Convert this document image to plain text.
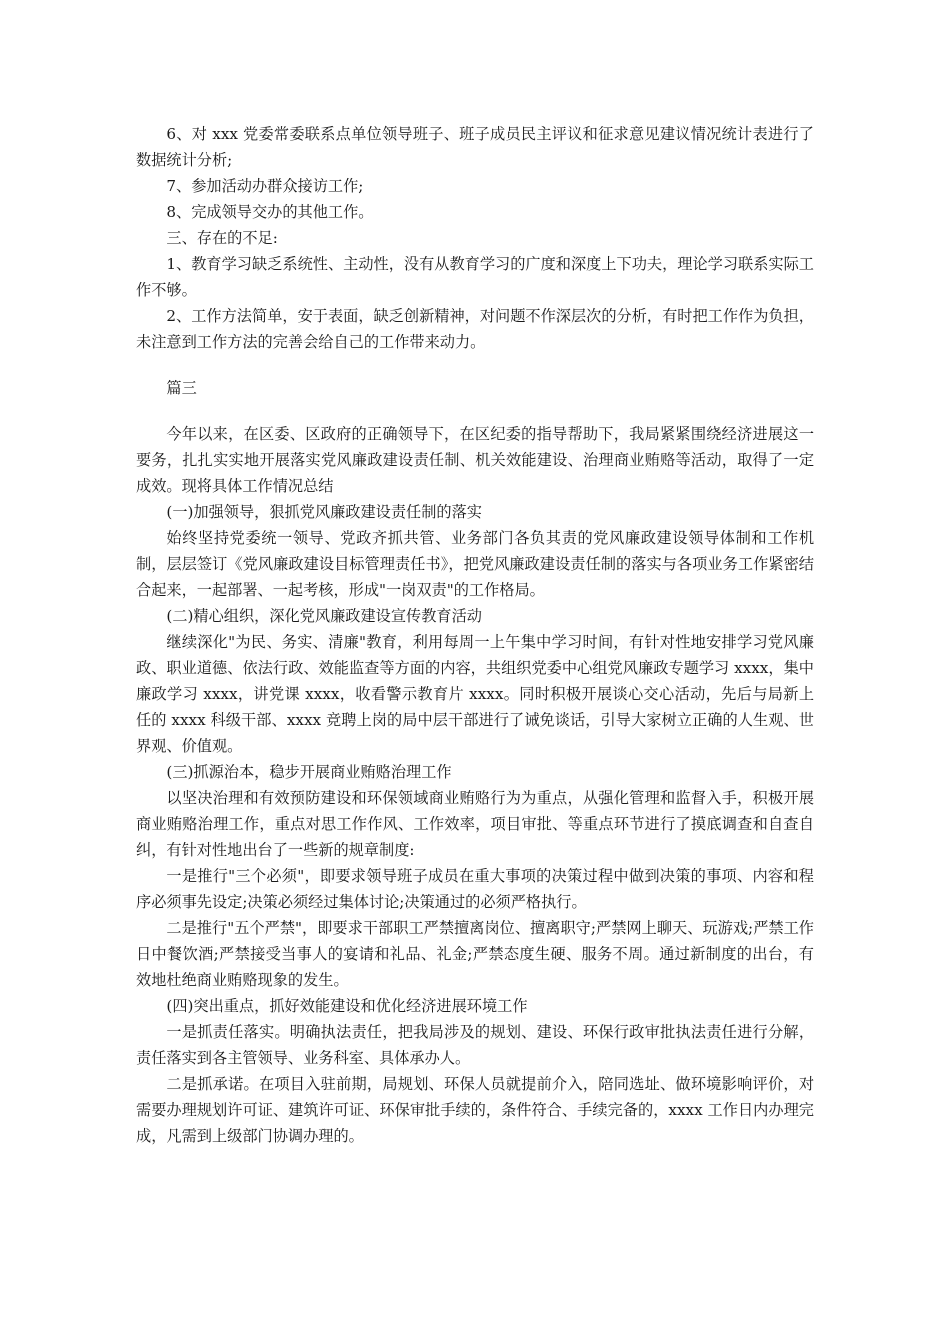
6、对 xxx 党委常委联系点单位领导班子、班子成员民主评议和征求意见建议情况统计表进行了数据统计分析;

7、参加活动办群众接访工作;

8、完成领导交办的其他工作。

三、存在的不足:

1、教育学习缺乏系统性、主动性，没有从教育学习的广度和深度上下功夫，理论学习联系实际工作不够。

2、工作方法简单，安于表面，缺乏创新精神，对问题不作深层次的分析，有时把工作作为负担，未注意到工作方法的完善会给自己的工作带来动力。

篇三

今年以来，在区委、区政府的正确领导下，在区纪委的指导帮助下，我局紧紧围绕经济进展这一要务，扎扎实实地开展落实党风廉政建设责任制、机关效能建设、治理商业贿赂等活动，取得了一定成效。现将具体工作情况总结

(一)加强领导，狠抓党风廉政建设责任制的落实

始终坚持党委统一领导、党政齐抓共管、业务部门各负其责的党风廉政建设领导体制和工作机制，层层签订《党风廉政建设目标管理责任书》，把党风廉政建设责任制的落实与各项业务工作紧密结合起来，一起部署、一起考核，形成"一岗双责"的工作格局。

(二)精心组织，深化党风廉政建设宣传教育活动

继续深化"为民、务实、清廉"教育，利用每周一上午集中学习时间，有针对性地安排学习党风廉政、职业道德、依法行政、效能监查等方面的内容，共组织党委中心组党风廉政专题学习 xxxx，集中廉政学习 xxxx，讲党课 xxxx，收看警示教育片 xxxx。同时积极开展谈心交心活动，先后与局新上任的 xxxx 科级干部、xxxx 竞聘上岗的局中层干部进行了诫免谈话，引导大家树立正确的人生观、世界观、价值观。

(三)抓源治本，稳步开展商业贿赂治理工作

以坚决治理和有效预防建设和环保领域商业贿赂行为为重点，从强化管理和监督入手，积极开展商业贿赂治理工作，重点对思工作作风、工作效率，项目审批、等重点环节进行了摸底调查和自查自纠，有针对性地出台了一些新的规章制度:

一是推行"三个必须"，即要求领导班子成员在重大事项的决策过程中做到决策的事项、内容和程序必须事先设定;决策必须经过集体讨论;决策通过的必须严格执行。

二是推行"五个严禁"，即要求干部职工严禁擅离岗位、擅离职守;严禁网上聊天、玩游戏;严禁工作日中餐饮酒;严禁接受当事人的宴请和礼品、礼金;严禁态度生硬、服务不周。通过新制度的出台，有效地杜绝商业贿赂现象的发生。

(四)突出重点，抓好效能建设和优化经济进展环境工作

一是抓责任落实。明确执法责任，把我局涉及的规划、建设、环保行政审批执法责任进行分解，责任落实到各主管领导、业务科室、具体承办人。

二是抓承诺。在项目入驻前期，局规划、环保人员就提前介入，陪同选址、做环境影响评价，对需要办理规划许可证、建筑许可证、环保审批手续的，条件符合、手续完备的，xxxx 工作日内办理完成，凡需到上级部门协调办理的。
